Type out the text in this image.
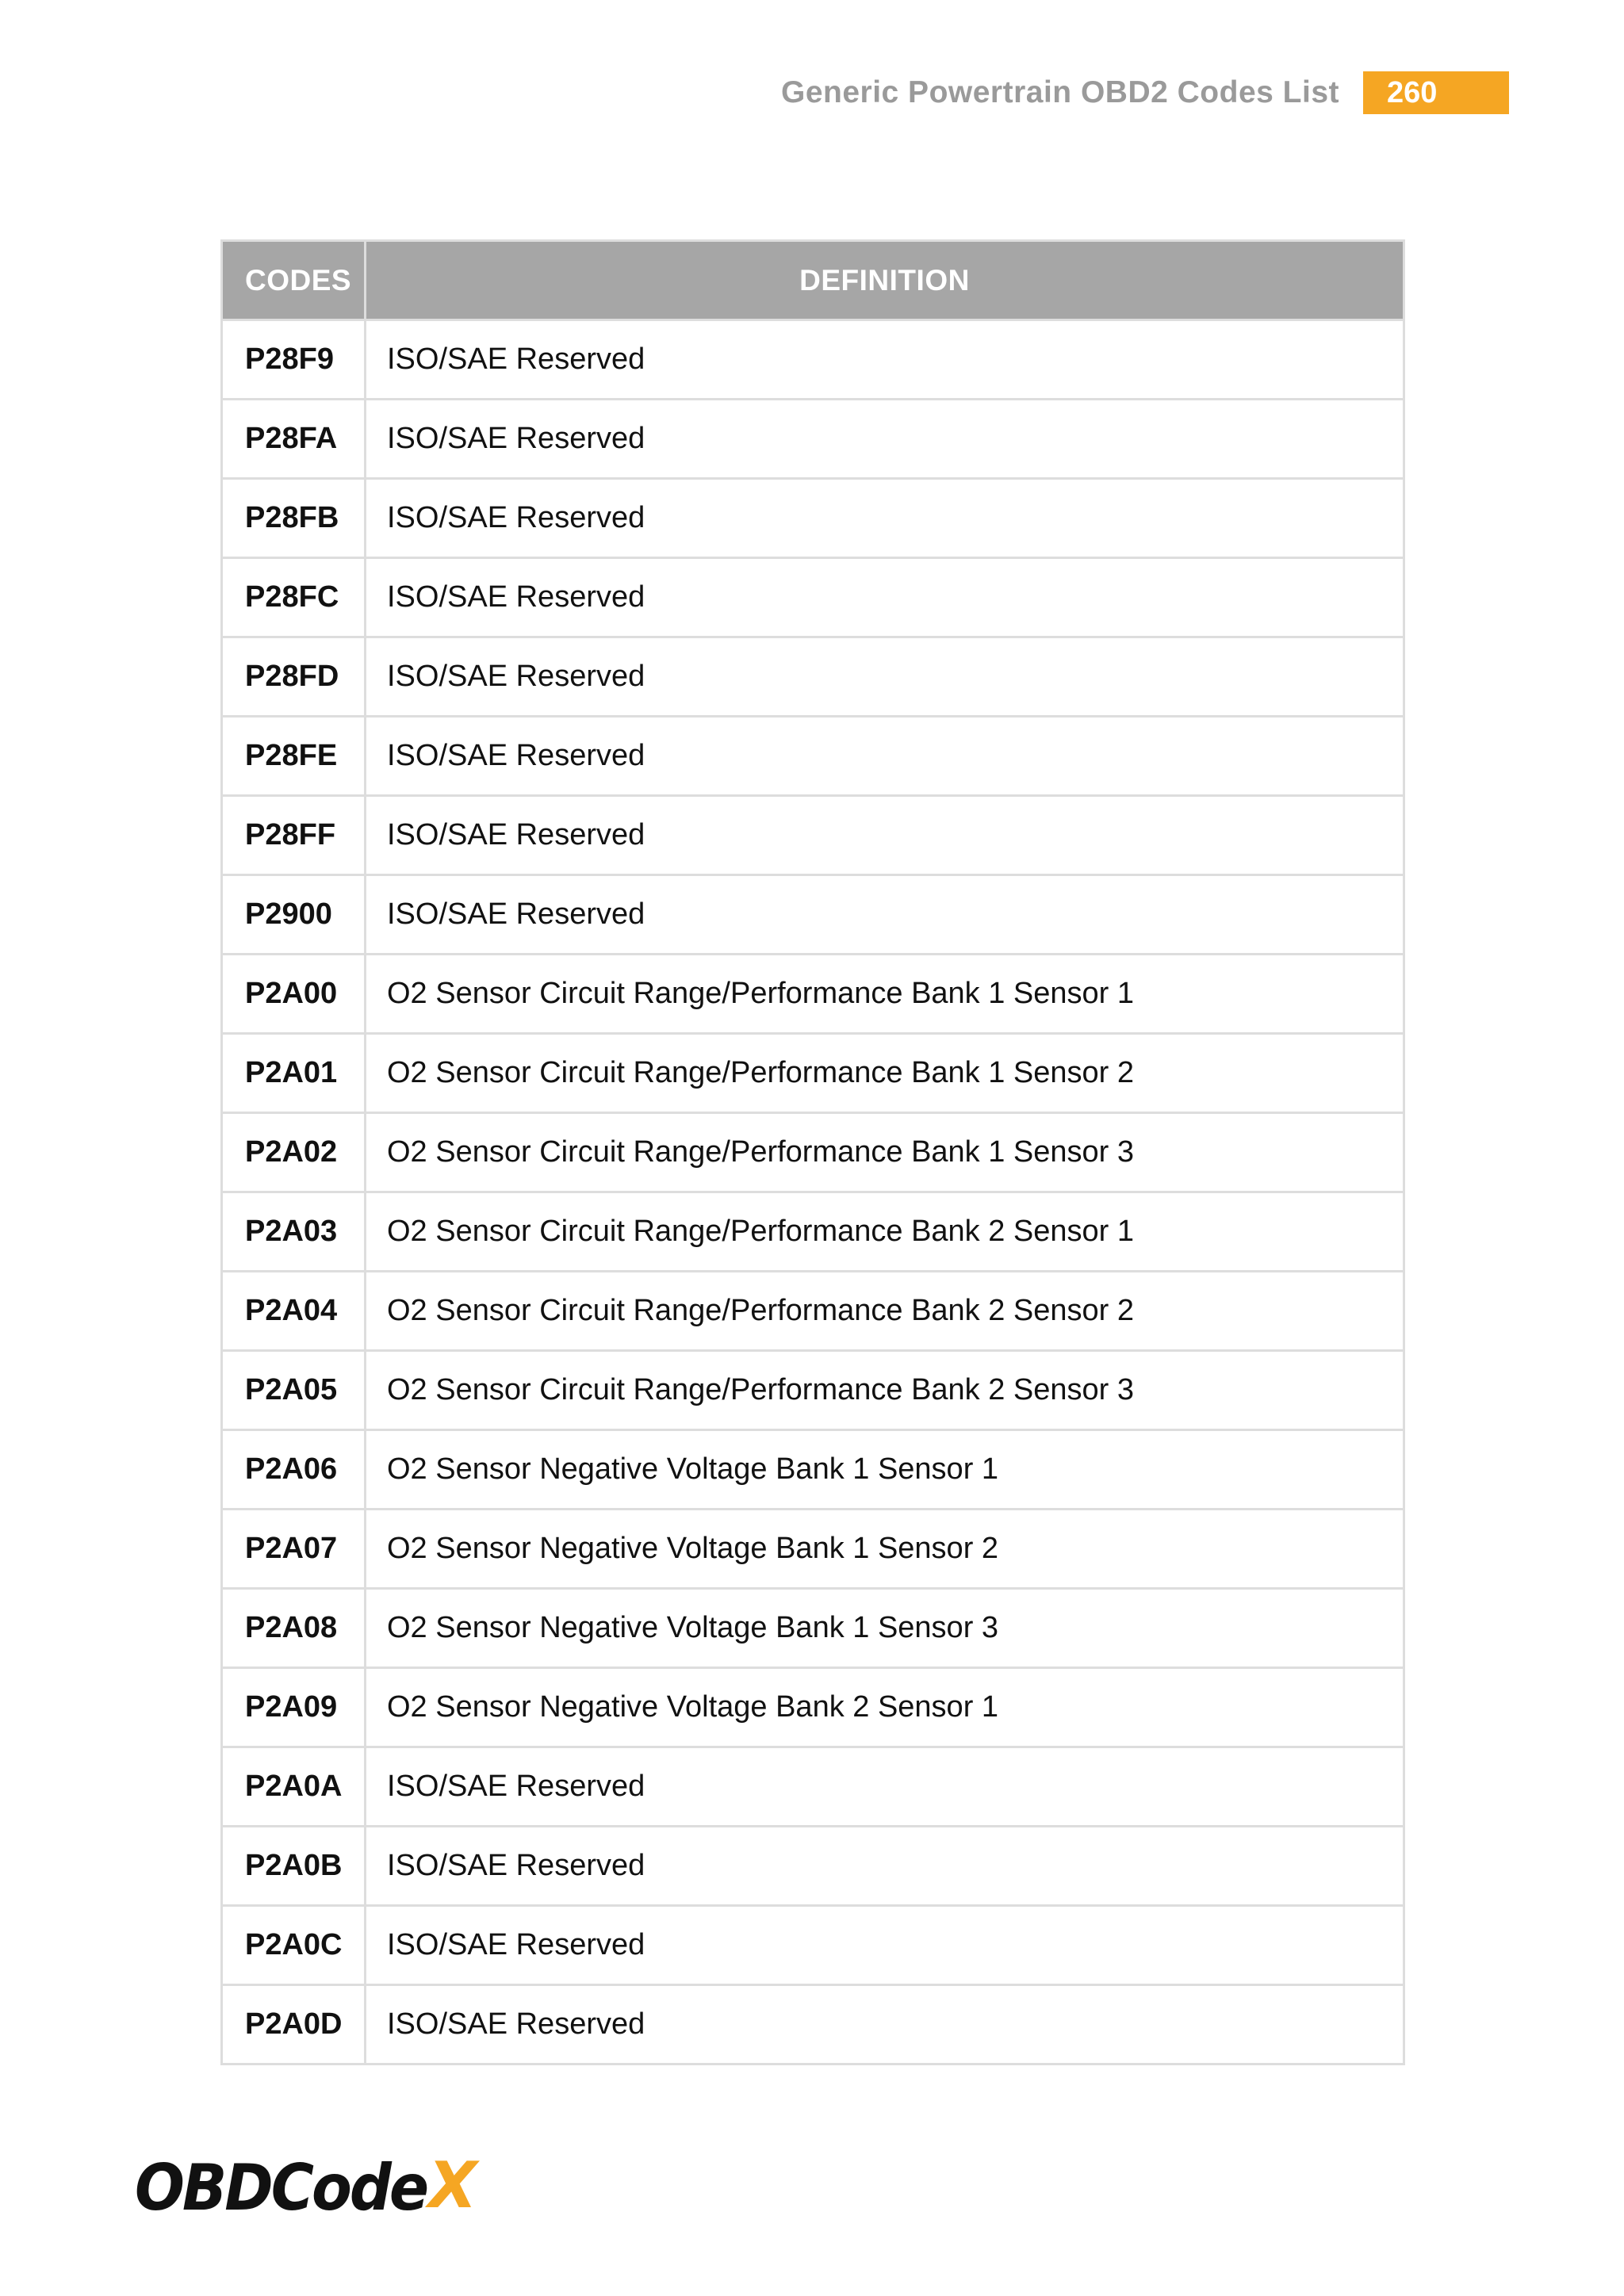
Generic Powertrain OBD2 Codes List	260
CODES	DEFINITION
P28F9	ISO/SAE Reserved
P28FA	ISO/SAE Reserved
P28FB	ISO/SAE Reserved
P28FC	ISO/SAE Reserved
P28FD	ISO/SAE Reserved
P28FE	ISO/SAE Reserved
P28FF	ISO/SAE Reserved
P2900	ISO/SAE Reserved
P2A00	O2 Sensor Circuit Range/Performance Bank 1 Sensor 1
P2A01	O2 Sensor Circuit Range/Performance Bank 1 Sensor 2
P2A02	O2 Sensor Circuit Range/Performance Bank 1 Sensor 3
P2A03	O2 Sensor Circuit Range/Performance Bank 2 Sensor 1
P2A04	O2 Sensor Circuit Range/Performance Bank 2 Sensor 2
P2A05	O2 Sensor Circuit Range/Performance Bank 2 Sensor 3
P2A06	O2 Sensor Negative Voltage Bank 1 Sensor 1
P2A07	O2 Sensor Negative Voltage Bank 1 Sensor 2
P2A08	O2 Sensor Negative Voltage Bank 1 Sensor 3
P2A09	O2 Sensor Negative Voltage Bank 2 Sensor 1
P2A0A	ISO/SAE Reserved
P2A0B	ISO/SAE Reserved
P2A0C	ISO/SAE Reserved
P2A0D	ISO/SAE Reserved
OBDCode X
